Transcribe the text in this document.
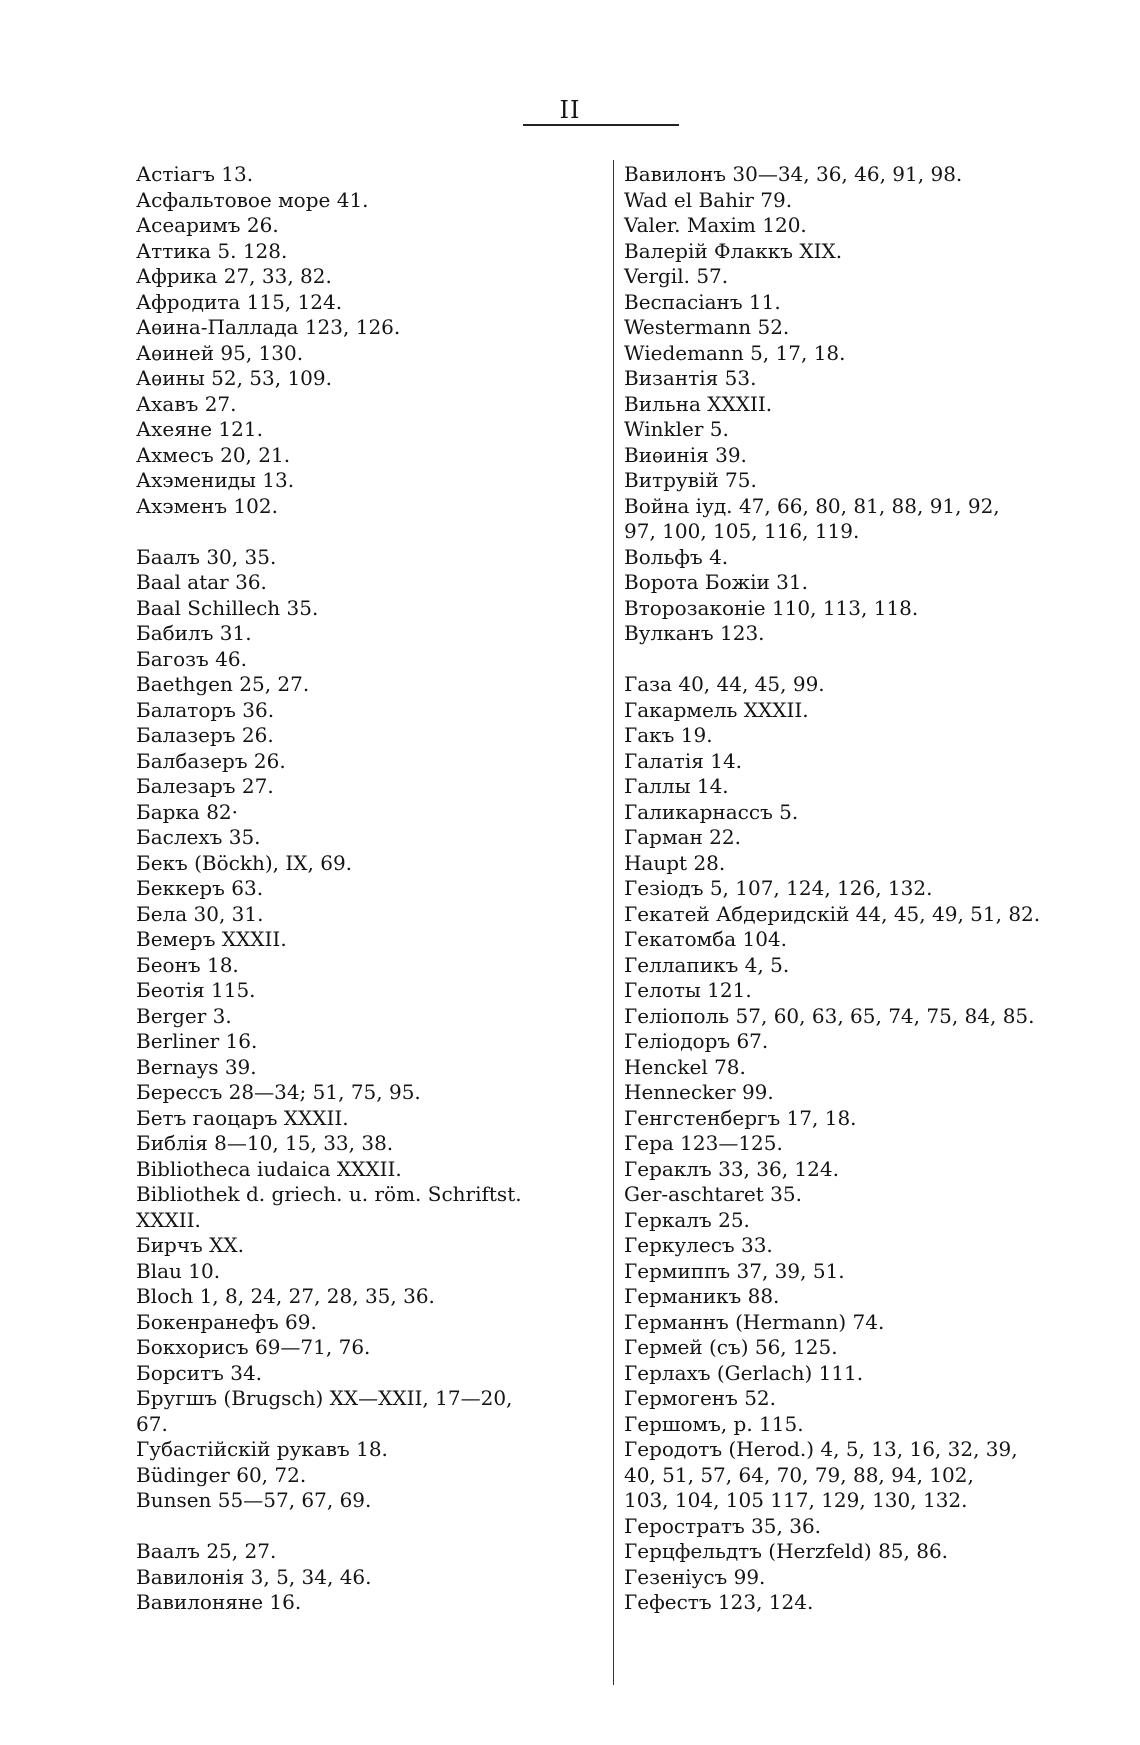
II
Астіагъ 13.
Асфальтовое море 41.
Асеаримъ 26.
Аттика 5. 128.
Африка 27, 33, 82.
Афродита 115, 124.
Аѳина-Паллада 123, 126.
Аѳиней 95, 130.
Аѳины 52, 53, 109.
Ахавъ 27.
Ахеяне 121.
Ахмесъ 20, 21.
Ахэмениды 13.
Ахэменъ 102.
Баалъ 30, 35.
Baal atar 36.
Baal Schillech 35.
Бабилъ 31.
Багозъ 46.
Baethgen 25, 27.
Балаторъ 36.
Балазеръ 26.
Балбазеръ 26.
Балезаръ 27.
Барка 82·
Баслехъ 35.
Бекъ (Böckh), IX, 69.
Беккеръ 63.
Бела 30, 31.
Вемеръ XXXII.
Беонъ 18.
Беотія 115.
Berger 3.
Berliner 16.
Bernays 39.
Берессъ 28—34; 51, 75, 95.
Бетъ гаоцаръ XXXII.
Библія 8—10, 15, 33, 38.
Bibliotheca iudaica XXXII.
Bibliothek d. griech. u. röm. Schriftst.
XXXII.
Бирчъ XX.
Blau 10.
Bloch 1, 8, 24, 27, 28, 35, 36.
Бокенранефъ 69.
Бокхорисъ 69—71, 76.
Борситъ 34.
Бругшъ (Brugsch) XX—XXII, 17—20,
67.
Губастійскій рукавъ 18.
Büdinger 60, 72.
Bunsen 55—57, 67, 69.
Ваалъ 25, 27.
Вавилонія 3, 5, 34, 46.
Вавилоняне 16.
Вавилонъ 30—34, 36, 46, 91, 98.
Wad el Bahir 79.
Valer. Maxim 120.
Валерій Флаккъ XIX.
Vergil. 57.
Веспасіанъ 11.
Westermann 52.
Wiedemann 5, 17, 18.
Византія 53.
Вильна XXXII.
Winkler 5.
Виѳинія 39.
Витрувій 75.
Война іуд. 47, 66, 80, 81, 88, 91, 92,
97, 100, 105, 116, 119.
Вольфъ 4.
Ворота Божіи 31.
Второзаконіе 110, 113, 118.
Вулканъ 123.
Газа 40, 44, 45, 99.
Гакармель XXXII.
Гакъ 19.
Галатія 14.
Галлы 14.
Галикарнассъ 5.
Гарман 22.
Haupt 28.
Гезіодъ 5, 107, 124, 126, 132.
Гекатей Абдеридскій 44, 45, 49, 51, 82.
Гекатомба 104.
Геллапикъ 4, 5.
Гелоты 121.
Геліополь 57, 60, 63, 65, 74, 75, 84, 85.
Геліодоръ 67.
Henckel 78.
Hennecker 99.
Генгстенбергъ 17, 18.
Гера 123—125.
Гераклъ 33, 36, 124.
Ger-aschtaret 35.
Геркалъ 25.
Геркулесъ 33.
Гермиппъ 37, 39, 51.
Германикъ 88.
Германнъ (Hermann) 74.
Гермей (съ) 56, 125.
Герлахъ (Gerlach) 111.
Гермогенъ 52.
Гершомъ, р. 115.
Геродотъ (Herod.) 4, 5, 13, 16, 32, 39,
40, 51, 57, 64, 70, 79, 88, 94, 102,
103, 104, 105 117, 129, 130, 132.
Геростратъ 35, 36.
Герцфельдтъ (Herzfeld) 85, 86.
Гезеніусъ 99.
Гефестъ 123, 124.
